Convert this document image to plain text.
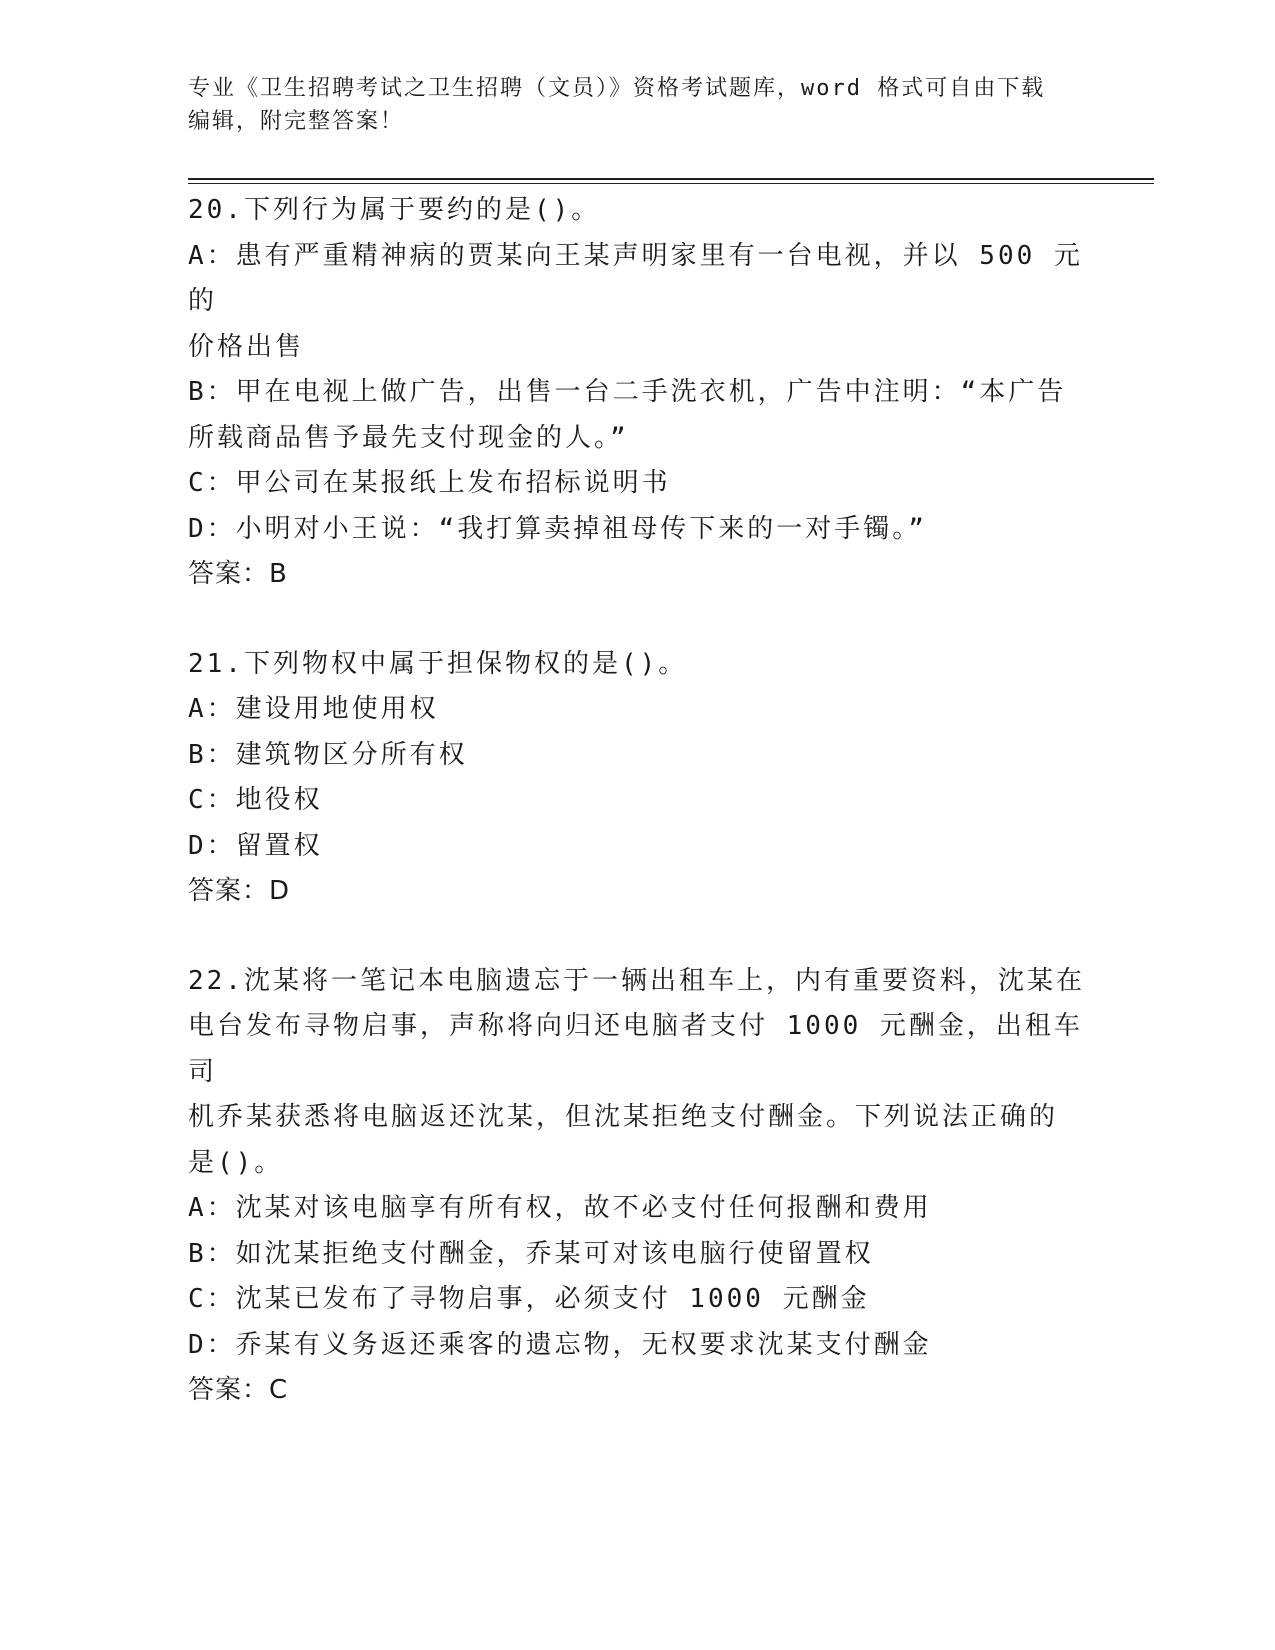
专业《卫生招聘考试之卫生招聘（文员）》资格考试题库，word 格式可自由下载
编辑，附完整答案！
20.下列行为属于要约的是()。
A：患有严重精神病的贾某向王某声明家里有一台电视，并以 500 元的
价格出售
B：甲在电视上做广告，出售一台二手洗衣机，广告中注明：“本广告
所载商品售予最先支付现金的人。”
C：甲公司在某报纸上发布招标说明书
D：小明对小王说：“我打算卖掉祖母传下来的一对手镯。”
答案：B
21.下列物权中属于担保物权的是()。
A：建设用地使用权
B：建筑物区分所有权
C：地役权
D：留置权
答案：D
22.沈某将一笔记本电脑遗忘于一辆出租车上，内有重要资料，沈某在
电台发布寻物启事，声称将向归还电脑者支付 1000 元酬金，出租车司
机乔某获悉将电脑返还沈某，但沈某拒绝支付酬金。下列说法正确的
是()。
A：沈某对该电脑享有所有权，故不必支付任何报酬和费用
B：如沈某拒绝支付酬金，乔某可对该电脑行使留置权
C：沈某已发布了寻物启事，必须支付 1000 元酬金
D：乔某有义务返还乘客的遗忘物，无权要求沈某支付酬金
答案：C
